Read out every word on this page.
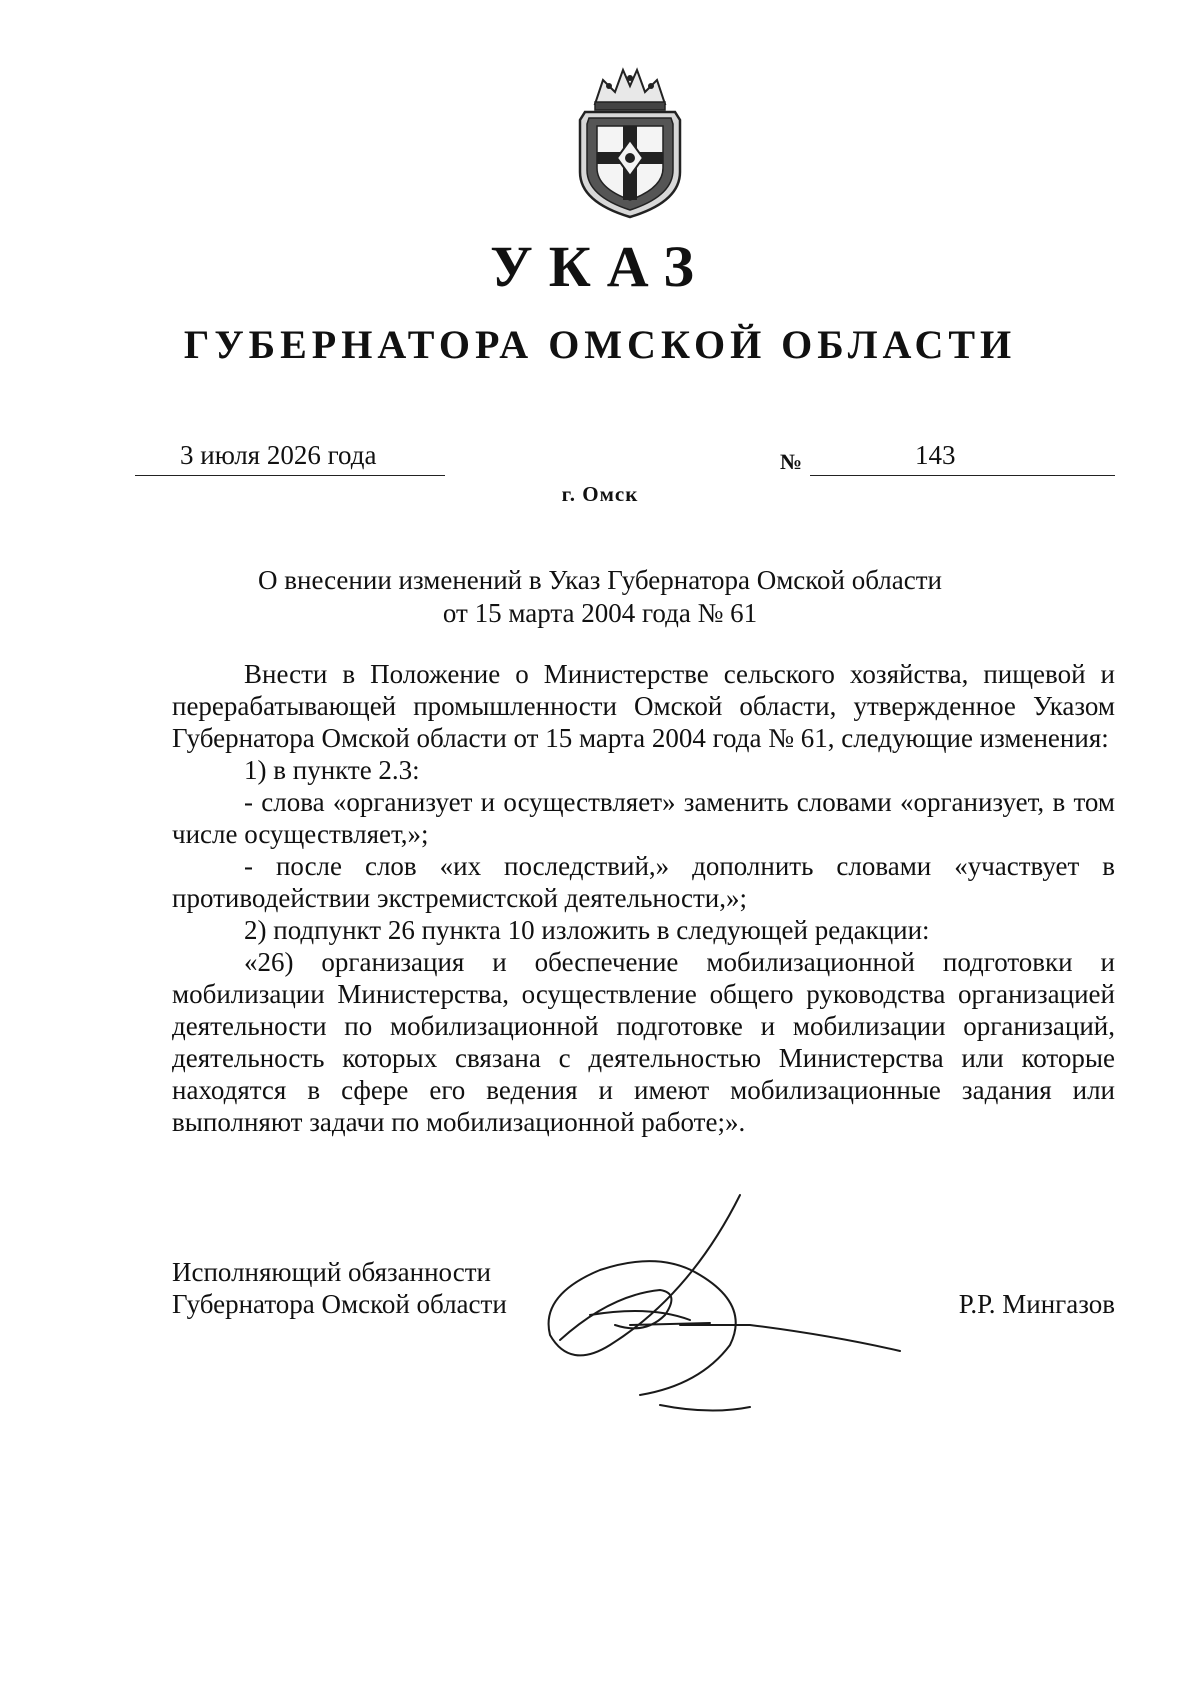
УКАЗ
ГУБЕРНАТОРА ОМСКОЙ ОБЛАСТИ
3 июля 2026 года	№	143
г. Омск
О внесении изменений в Указ Губернатора Омской области
от 15 марта 2004 года № 61

Внести в Положение о Министерстве сельского хозяйства, пищевой и перерабатывающей промышленности Омской области, утвержденное Указом Губернатора Омской области от 15 марта 2004 года № 61, следующие изменения:

1) в пункте 2.3:

- слова «организует и осуществляет» заменить словами «организует, в том числе осуществляет,»;

- после слов «их последствий,» дополнить словами «участвует в противодействии экстремистской деятельности,»;

2) подпункт 26 пункта 10 изложить в следующей редакции:

«26) организация и обеспечение мобилизационной подготовки и мобилизации Министерства, осуществление общего руководства организацией деятельности по мобилизационной подготовке и мобилизации организаций, деятельность которых связана с деятельностью Министерства или которые находятся в сфере его ведения и имеют мобилизационные задания или выполняют задачи по мобилизационной работе;».

Исполняющий обязанности
Губернатора Омской области	Р.Р. Мингазов
